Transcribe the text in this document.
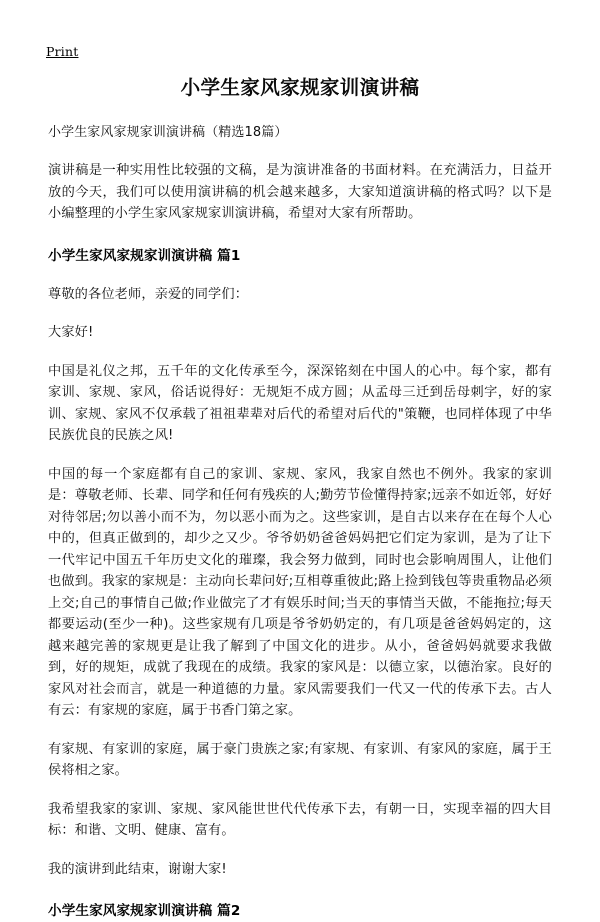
Print
小学生家风家规家训演讲稿
小学生家风家规家训演讲稿（精选18篇）

演讲稿是一种实用性比较强的文稿，是为演讲准备的书面材料。在充满活力，日益开放的今天，我们可以使用演讲稿的机会越来越多，大家知道演讲稿的格式吗？以下是小编整理的小学生家风家规家训演讲稿，希望对大家有所帮助。

小学生家风家规家训演讲稿 篇1
尊敬的各位老师，亲爱的同学们：
大家好!

中国是礼仪之邦，五千年的文化传承至今，深深铭刻在中国人的心中。每个家，都有家训、家规、家风，俗话说得好：无规矩不成方圆；从孟母三迁到岳母刺字，好的家训、家规、家风不仅承载了祖祖辈辈对后代的希望对后代的"策鞭，也同样体现了中华民族优良的民族之风!

中国的每一个家庭都有自己的家训、家规、家风，我家自然也不例外。我家的家训是：尊敬老师、长辈、同学和任何有残疾的人;勤劳节俭懂得持家;远亲不如近邻，好好对待邻居;勿以善小而不为，勿以恶小而为之。这些家训，是自古以来存在在每个人心中的，但真正做到的，却少之又少。爷爷奶奶爸爸妈妈把它们定为家训，是为了让下一代牢记中国五千年历史文化的璀璨，我会努力做到，同时也会影响周围人，让他们也做到。我家的家规是：主动向长辈问好;互相尊重彼此;路上捡到钱包等贵重物品必须上交;自己的事情自己做;作业做完了才有娱乐时间;当天的事情当天做，不能拖拉;每天都要运动(至少一种)。这些家规有几项是爷爷奶奶定的，有几项是爸爸妈妈定的，这越来越完善的家规更是让我了解到了中国文化的进步。从小，爸爸妈妈就要求我做到，好的规矩，成就了我现在的成绩。我家的家风是：以德立家，以德治家。良好的家风对社会而言，就是一种道德的力量。家风需要我们一代又一代的传承下去。古人有云：有家规的家庭，属于书香门第之家。

有家规、有家训的家庭，属于豪门贵族之家;有家规、有家训、有家风的家庭，属于王侯将相之家。

我希望我家的家训、家规、家风能世世代代传承下去，有朝一日，实现幸福的四大目标：和谐、文明、健康、富有。

我的演讲到此结束，谢谢大家!
小学生家风家规家训演讲稿 篇2
